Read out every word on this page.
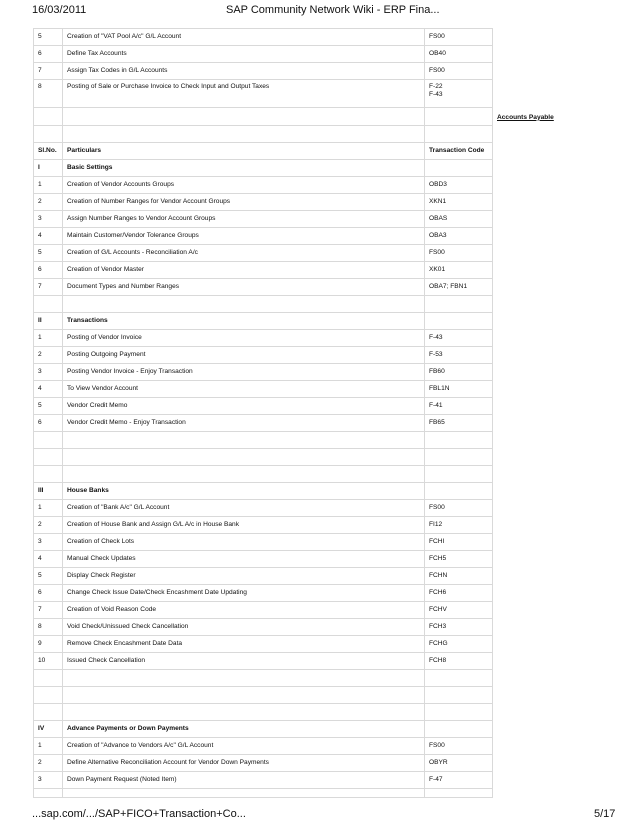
16/03/2011	SAP Community Network Wiki - ERP Fina...
5	Creation of "VAT Pool A/c" G/L Account	FS00	
6	Define Tax Accounts	OB40	
7	Assign Tax Codes in G/L Accounts	FS00	
8	Posting of Sale or Purchase Invoice to Check Input and Output Taxes	F-22
F-43	
			Accounts Payable

Sl.No.	Particulars	Transaction Code	
I	Basic Settings		
1	Creation of Vendor Accounts Groups	OBD3	
2	Creation of Number Ranges for Vendor Account Groups	XKN1	
3	Assign Number Ranges to Vendor Account Groups	OBAS	
4	Maintain Customer/Vendor Tolerance Groups	OBA3	
5	Creation of G/L Accounts - Reconciliation A/c	FS00	
6	Creation of Vendor Master	XK01	
7	Document Types and Number Ranges	OBA7; FBN1	

II	Transactions		
1	Posting of Vendor Invoice	F-43	
2	Posting Outgoing Payment	F-53	
3	Posting Vendor Invoice - Enjoy Transaction	FB60	
4	To View Vendor Account	FBL1N	
5	Vendor Credit Memo	F-41	
6	Vendor Credit Memo - Enjoy Transaction	FB65	

III	House Banks		
1	Creation of "Bank A/c" G/L Account	FS00	
2	Creation of House Bank and Assign G/L A/c in House Bank	FI12	
3	Creation of Check Lots	FCHI	
4	Manual Check Updates	FCH5	
5	Display Check Register	FCHN	
6	Change Check Issue Date/Check Encashment Date Updating	FCH6	
7	Creation of Void Reason Code	FCHV	
8	Void Check/Unissued Check Cancellation	FCH3	
9	Remove Check Encashment Date Data	FCHG	
10	Issued Check Cancellation	FCH8	

IV	Advance Payments or Down Payments		
1	Creation of "Advance to Vendors A/c" G/L Account	FS00	
2	Define Alternative Reconciliation Account for Vendor Down Payments	OBYR	
3	Down Payment Request (Noted Item)	F-47	

...sap.com/.../SAP+FICO+Transaction+Co...	5/17
